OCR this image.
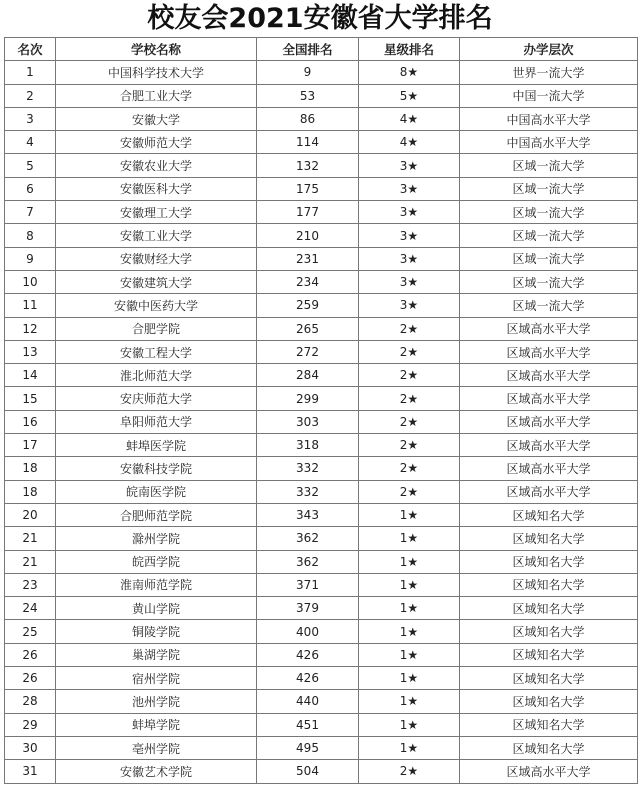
校友会2021安徽省大学排名
名次	学校名称	全国排名	星级排名	办学层次
1	中国科学技术大学	9	8★	世界一流大学
2	合肥工业大学	53	5★	中国一流大学
3	安徽大学	86	4★	中国高水平大学
4	安徽师范大学	114	4★	中国高水平大学
5	安徽农业大学	132	3★	区域一流大学
6	安徽医科大学	175	3★	区域一流大学
7	安徽理工大学	177	3★	区域一流大学
8	安徽工业大学	210	3★	区域一流大学
9	安徽财经大学	231	3★	区域一流大学
10	安徽建筑大学	234	3★	区域一流大学
11	安徽中医药大学	259	3★	区域一流大学
12	合肥学院	265	2★	区域高水平大学
13	安徽工程大学	272	2★	区域高水平大学
14	淮北师范大学	284	2★	区域高水平大学
15	安庆师范大学	299	2★	区域高水平大学
16	阜阳师范大学	303	2★	区域高水平大学
17	蚌埠医学院	318	2★	区域高水平大学
18	安徽科技学院	332	2★	区域高水平大学
18	皖南医学院	332	2★	区域高水平大学
20	合肥师范学院	343	1★	区域知名大学
21	滁州学院	362	1★	区域知名大学
21	皖西学院	362	1★	区域知名大学
23	淮南师范学院	371	1★	区域知名大学
24	黄山学院	379	1★	区域知名大学
25	铜陵学院	400	1★	区域知名大学
26	巢湖学院	426	1★	区域知名大学
26	宿州学院	426	1★	区域知名大学
28	池州学院	440	1★	区域知名大学
29	蚌埠学院	451	1★	区域知名大学
30	亳州学院	495	1★	区域知名大学
31	安徽艺术学院	504	2★	区域高水平大学
